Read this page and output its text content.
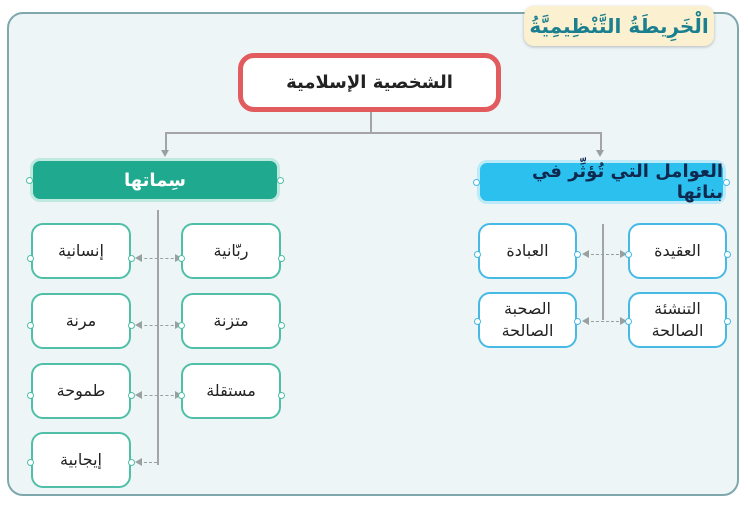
الْخَرِيطَةُ التَّنْظِيمِيَّةُ
الشخصية الإسلامية
سِماتها
ربّانية
إنسانية
متزنة
مرنة
مستقلة
طموحة
إيجابية
العوامل التي تُؤثِّر في بنائها
العقيدة
العبادة
التنشئة الصالحة
الصحبة الصالحة
